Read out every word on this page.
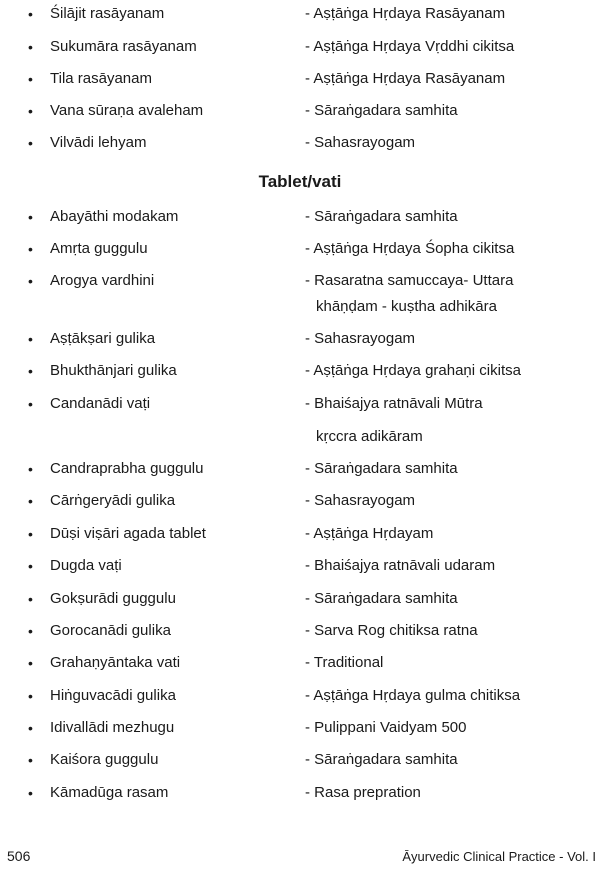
• Śilājit rasāyanam	- Aṣṭāṅga Hṛdaya Rasāyanam
• Sukumāra rasāyanam	- Aṣṭāṅga Hṛdaya Vṛddhi cikitsa
• Tila rasāyanam	- Aṣṭāṅga Hṛdaya Rasāyanam
• Vana sūraṇa avaleham	- Sāraṅgadara samhita
• Vilvādi lehyam	- Sahasrayogam
Tablet/vati
• Abayāthi modakam	- Sāraṅgadara samhita
• Amṛta guggulu	- Aṣṭāṅga Hṛdaya Śopha cikitsa
• Arogya vardhini	- Rasaratna samuccaya- Uttara
khāṇḍam - kuṣtha adhikāra
• Aṣṭākṣari gulika	- Sahasrayogam
• Bhukthānjari gulika	- Aṣṭāṅga Hṛdaya grahaṇi cikitsa
• Candanādi vaṭi	- Bhaiśajya ratnāvali Mūtra
kṛccra adikāram
• Candraprabha guggulu	- Sāraṅgadara samhita
• Cārṅgeryādi gulika	- Sahasrayogam
• Dūṣi viṣāri agada tablet	- Aṣṭāṅga Hṛdayam
• Dugda vaṭi	- Bhaiśajya ratnāvali udaram
• Gokṣurādi guggulu	- Sāraṅgadara samhita
• Gorocanādi gulika	- Sarva Rog chitiksa ratna
• Grahaṇyāntaka vati	- Traditional
• Hiṅguvacādi gulika	- Aṣṭāṅga Hṛdaya gulma chitiksa
• Idivallādi mezhugu	- Pulippani Vaidyam 500
• Kaiśora guggulu	- Sāraṅgadara samhita
• Kāmadūga rasam	- Rasa prepration
506	Āyurvedic Clinical Practice - Vol. I
